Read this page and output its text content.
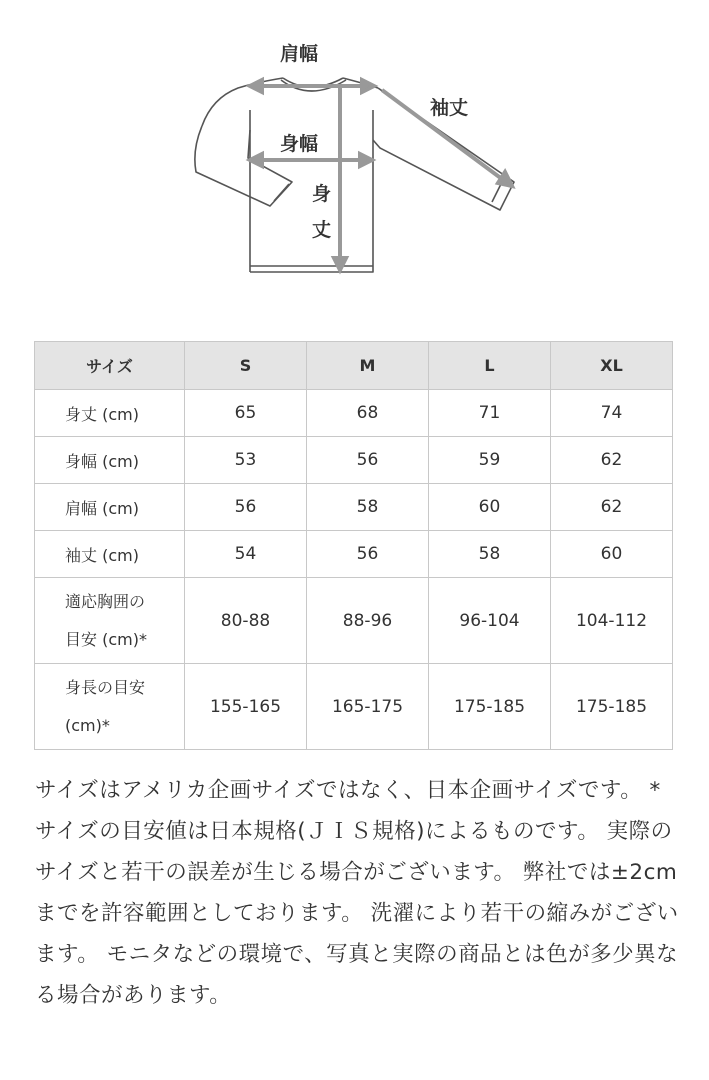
肩幅
袖丈
身幅
身
丈
サイズ	S	M	L	XL
身丈 (cm)	65	68	71	74
身幅 (cm)	53	56	59	62
肩幅 (cm)	56	58	60	62
袖丈 (cm)	54	56	58	60

適応胸囲の
目安 (cm)*	80-88	88-96	96-104	104-112

身長の目安
(cm)*	155-165	165-175	175-185	175-185

サイズはアメリカ企画サイズではなく、日本企画サイズです。 *サイズの目安値は日本規格(ＪＩＳ規格)によるものです。 実際のサイズと若干の誤差が生じる場合がございます。 弊社では±2cmまでを許容範囲としております。 洗濯により若干の縮みがございます。 モニタなどの環境で、写真と実際の商品とは色が多少異なる場合があります。
